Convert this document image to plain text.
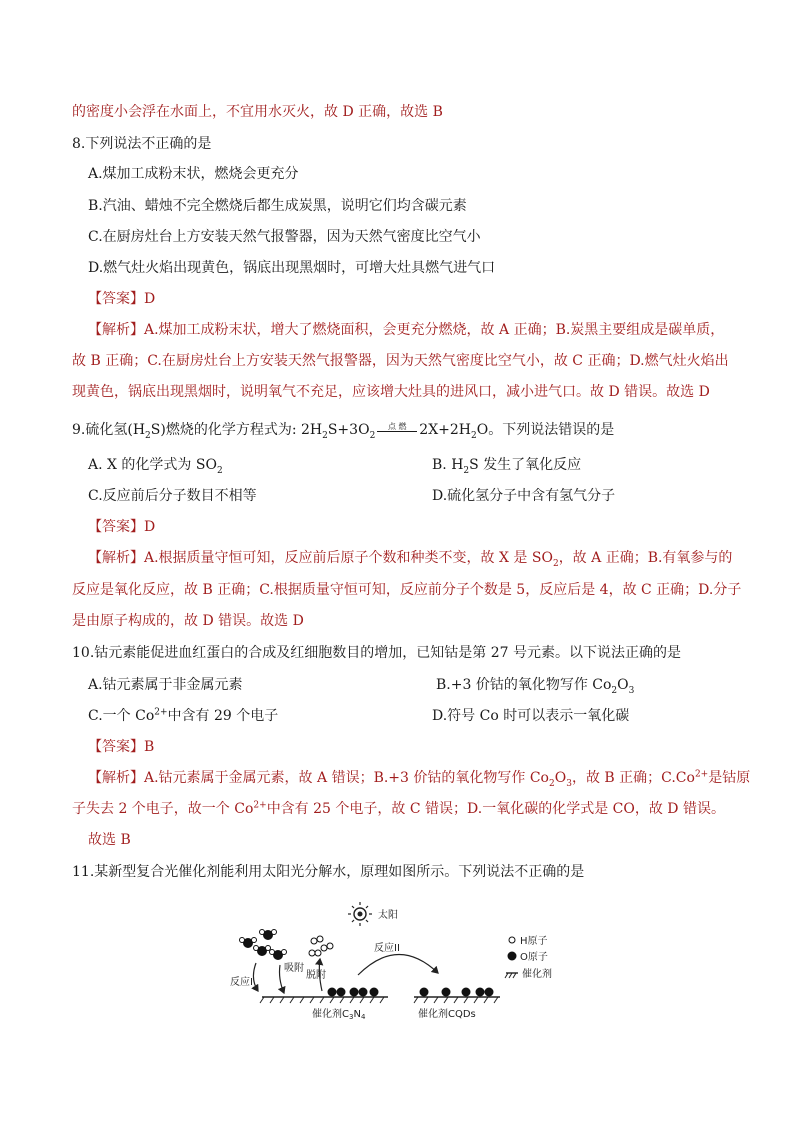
的密度小会浮在水面上，不宜用水灭火，故 D 正确，故选 B
8.下列说法不正确的是
A.煤加工成粉末状，燃烧会更充分
B.汽油、蜡烛不完全燃烧后都生成炭黑，说明它们均含碳元素
C.在厨房灶台上方安装天然气报警器，因为天然气密度比空气小
D.燃气灶火焰出现黄色，锅底出现黑烟时，可增大灶具燃气进气口
【答案】D
【解析】A.煤加工成粉末状，增大了燃烧面积，会更充分燃烧，故 A 正确；B.炭黑主要组成是碳单质，
故 B 正确；C.在厨房灶台上方安装天然气报警器，因为天然气密度比空气小，故 C 正确；D.燃气灶火焰出
现黄色，锅底出现黑烟时，说明氧气不充足，应该增大灶具的进风口，减小进气口。故 D 错误。故选 D
9.硫化氢$(H_2S)$燃烧的化学方程式为: $2H_2S+3O_2$
点 燃 $2X+2H_2O$。下列说法错误的是
A. X 的化学式为 $SO_2$	B. $H_2S$ 发生了氧化反应
C.反应前后分子数目不相等	D.硫化氢分子中含有氢气分子
【答案】D
【解析】A.根据质量守恒可知，反应前后原子个数和种类不变，故 X 是 $SO_2$，故 A 正确；B.有氧参与的
反应是氧化反应，故 B 正确；C.根据质量守恒可知，反应前分子个数是 5，反应后是 4，故 C 正确；D.分子
是由原子构成的，故 D 错误。故选 D
10.钴元素能促进血红蛋白的合成及红细胞数目的增加，已知钴是第 27 号元素。以下说法正确的是
A.钴元素属于非金属元素	B.+3 价钴的氧化物写作 $Co_2O_3$
C.一个 $Co^{2+}$中含有 29 个电子	D.符号 Co 时可以表示一氧化碳
【答案】B
【解析】A.钴元素属于金属元素，故 A 错误；B.+3 价钴的氧化物写作 $Co_2O_3$，故 B 正确；$C.Co^{2+}$是钴原
子失去 2 个电子，故一个 $Co^{2+}$中含有 25 个电子，故 C 错误；D.一氧化碳的化学式是 CO，故 D 错误。
故选 B
11.某新型复合光催化剂能利用太阳光分解水，原理如图所示。下列说法不正确的是
太阳
反应I
吸附
脱附
催化剂$C_3N_4$
反应II
催化剂CQDs
H原子
O原子
催化剂
